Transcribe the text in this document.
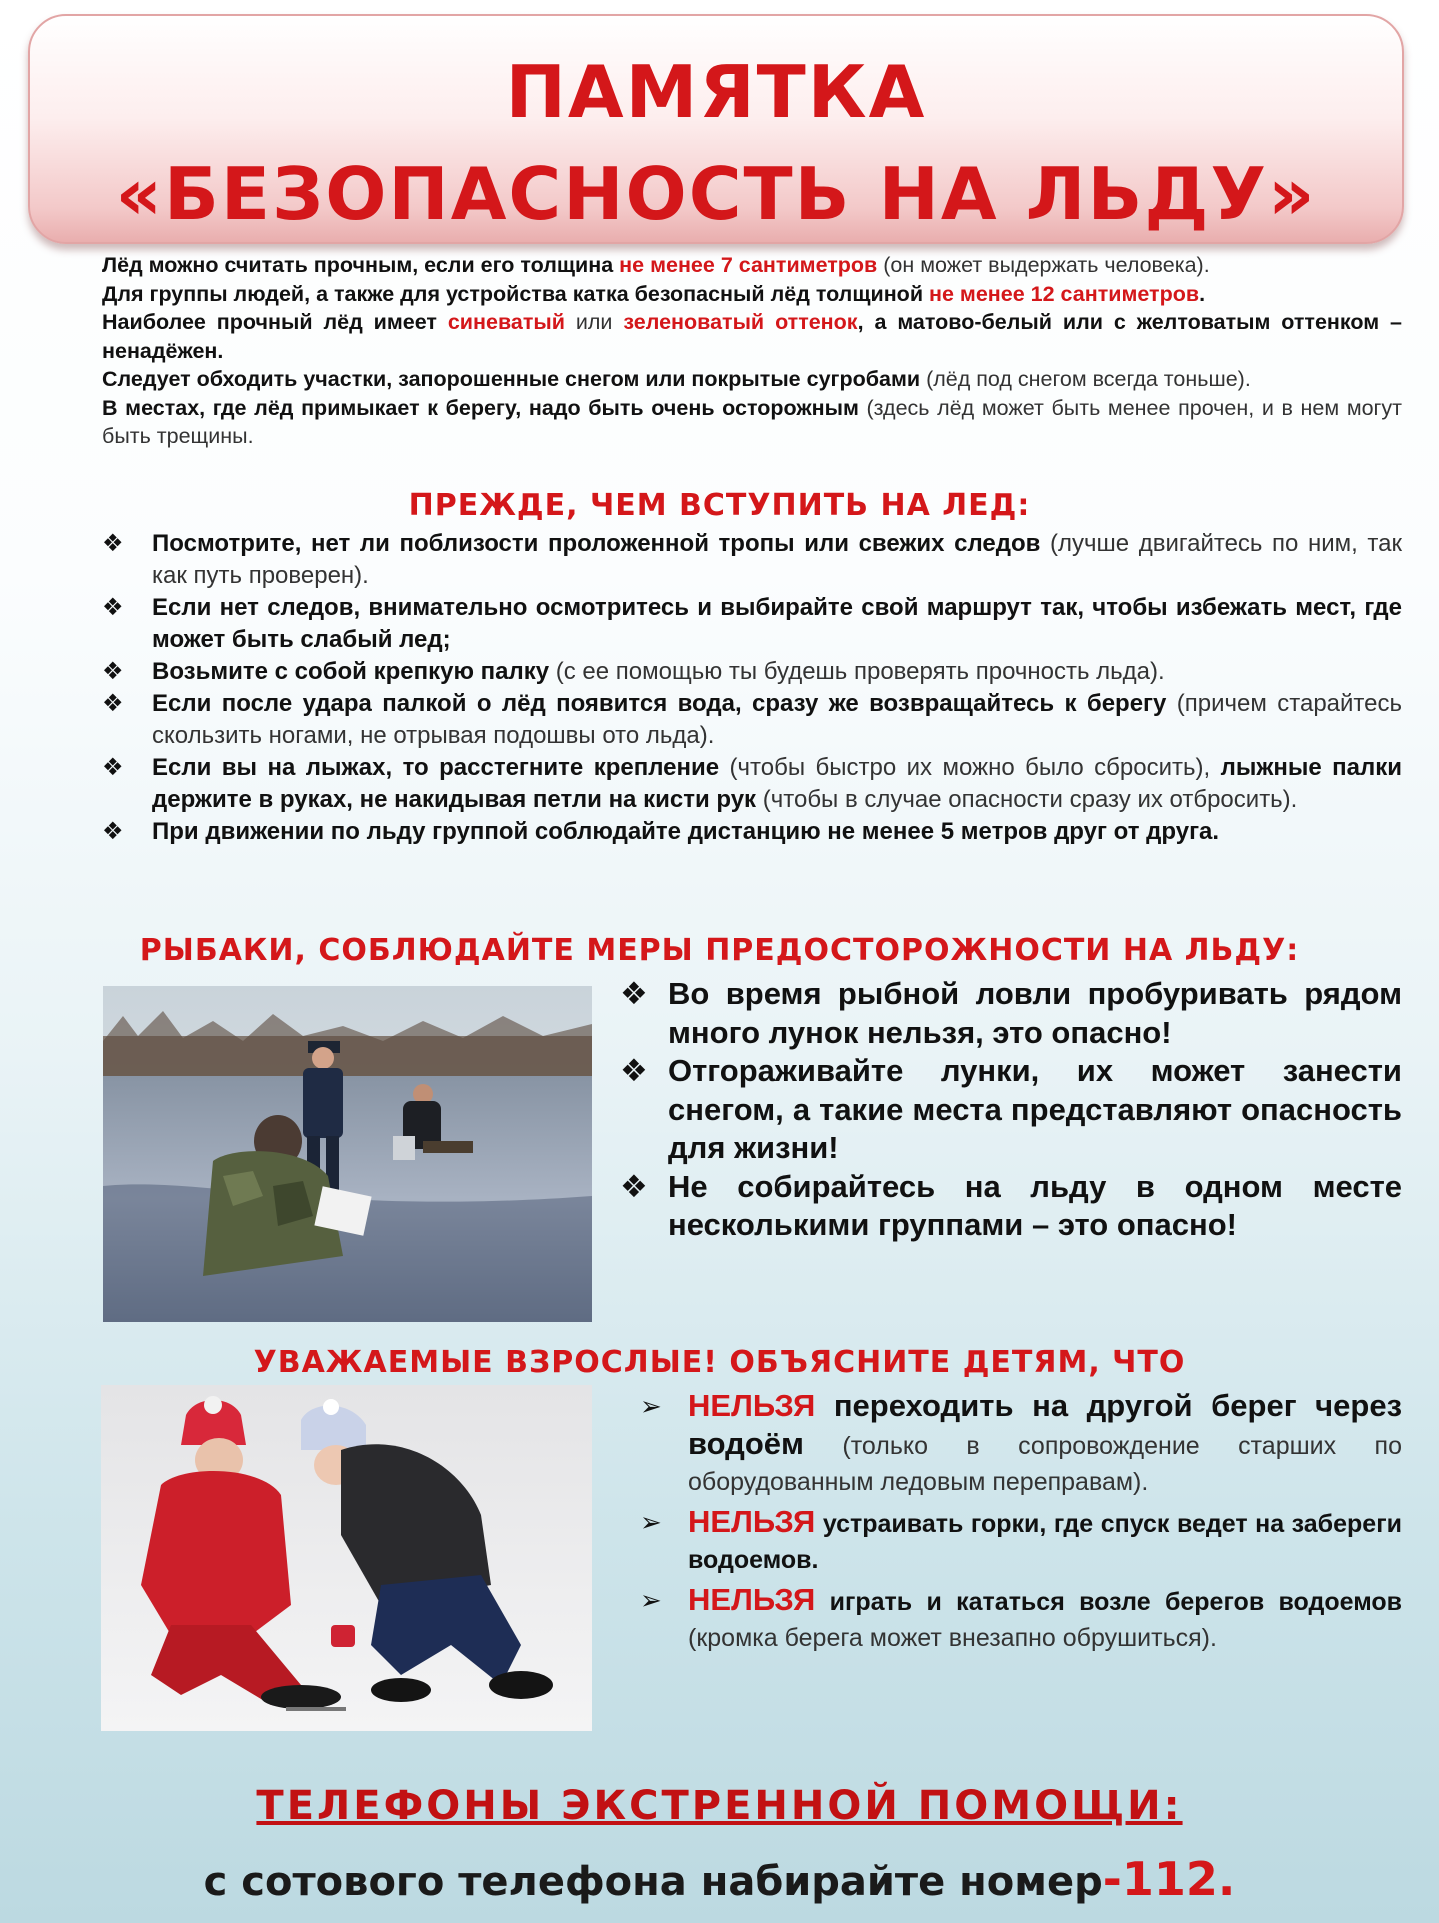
ПАМЯТКА
«БЕЗОПАСНОСТЬ НА ЛЬДУ»

Лёд можно считать прочным, если его толщина не менее 7 сантиметров (он может выдержать человека).

Для группы людей, а также для устройства катка безопасный лёд толщиной не менее 12 сантиметров.

Наиболее прочный лёд имеет синеватый или зеленоватый оттенок, а матово-белый или с желтоватым оттенком – ненадёжен.

Следует обходить участки, запорошенные снегом или покрытые сугробами (лёд под снегом всегда тоньше).

В местах, где лёд примыкает к берегу, надо быть очень осторожным (здесь лёд может быть менее прочен, и в нем могут быть трещины.

ПРЕЖДЕ, ЧЕМ ВСТУПИТЬ НА ЛЕД:
❖ Посмотрите, нет ли поблизости проложенной тропы или свежих следов (лучше двигайтесь по ним, так как путь проверен).
❖ Если нет следов, внимательно осмотритесь и выбирайте свой маршрут так, чтобы избежать мест, где может быть слабый лед;
❖ Возьмите с собой крепкую палку (с ее помощью ты будешь проверять прочность льда).
❖ Если после удара палкой о лёд появится вода, сразу же возвращайтесь к берегу (причем старайтесь скользить ногами, не отрывая подошвы ото льда).
❖ Если вы на лыжах, то расстегните крепление (чтобы быстро их можно было сбросить), лыжные палки держите в руках, не накидывая петли на кисти рук (чтобы в случае опасности сразу их отбросить).
❖ При движении по льду группой соблюдайте дистанцию не менее 5 метров друг от друга.
РЫБАКИ, СОБЛЮДАЙТЕ МЕРЫ ПРЕДОСТОРОЖНОСТИ НА ЛЬДУ:
❖ Во время рыбной ловли пробуривать рядом много лунок нельзя, это опасно!
❖ Отгораживайте лунки, их может занести снегом, а такие места представляют опасность для жизни!
❖ Не собирайтесь на льду в одном месте несколькими группами – это опасно!
УВАЖАЕМЫЕ ВЗРОСЛЫЕ! ОБЪЯСНИТЕ ДЕТЯМ, ЧТО
➢ НЕЛЬЗЯ переходить на другой берег через водоём (только в сопровождение старших по оборудованным ледовым переправам).
➢ НЕЛЬЗЯ устраивать горки, где спуск ведет на забереги водоемов.
➢ НЕЛЬЗЯ играть и кататься возле берегов водоемов (кромка берега может внезапно обрушиться).
ТЕЛЕФОНЫ ЭКСТРЕННОЙ ПОМОЩИ:
с сотового телефона набирайте номер-112.
